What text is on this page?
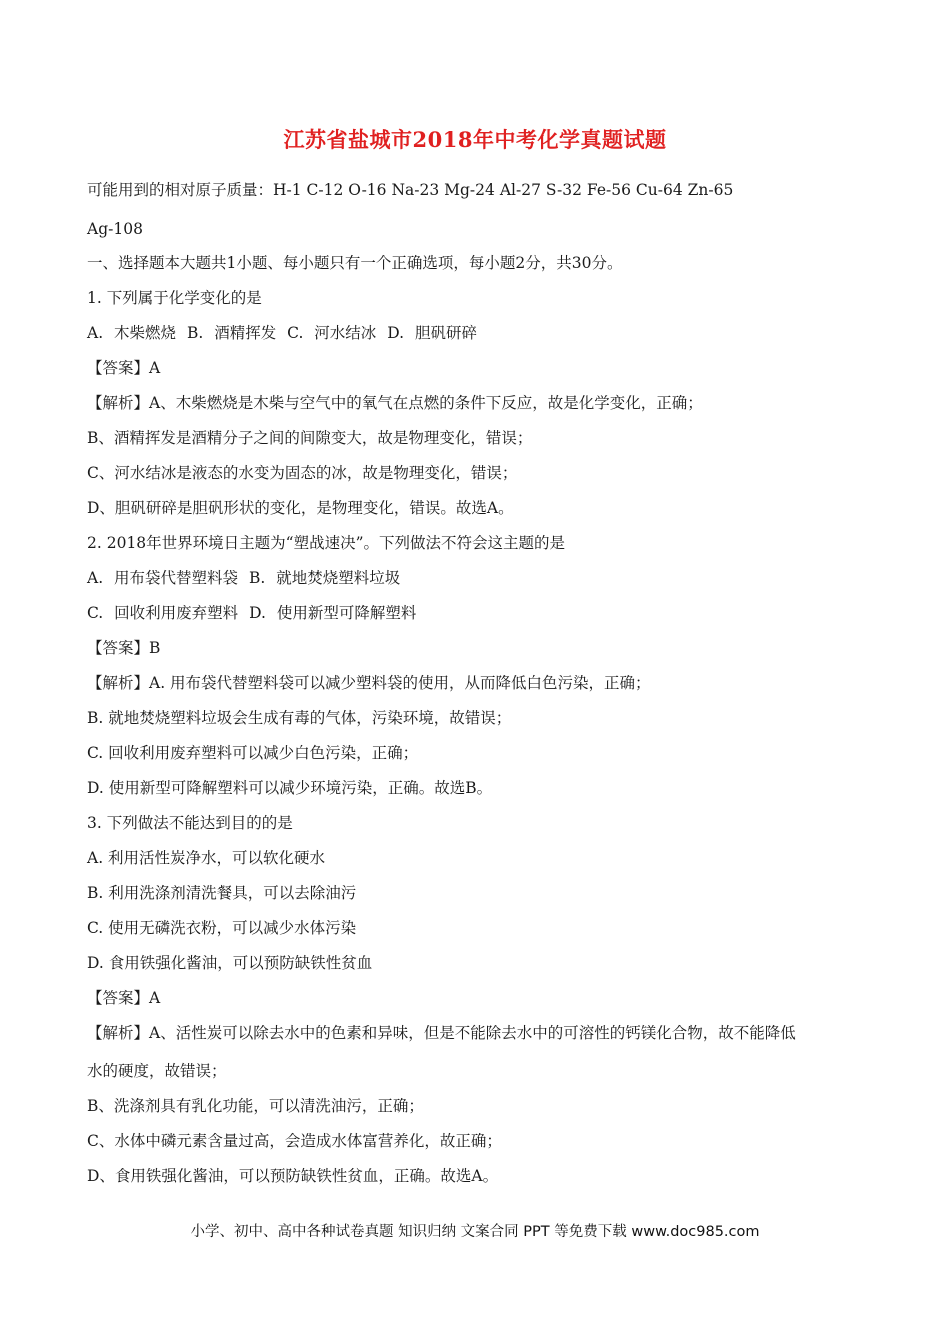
江苏省盐城市2018年中考化学真题试题
可能用到的相对原子质量：H-1 C-12 O-16 Na-23 Mg-24 Al-27 S-32 Fe-56 Cu-64 Zn-65
Ag-108
一、选择题本大题共1小题、每小题只有一个正确选项，每小题2分，共30分。
1. 下列属于化学变化的是
A. 木柴燃烧 B. 酒精挥发 C. 河水结冰 D. 胆矾研碎
【答案】A
【解析】A、木柴燃烧是木柴与空气中的氧气在点燃的条件下反应，故是化学变化，正确；
B、酒精挥发是酒精分子之间的间隙变大，故是物理变化，错误；
C、河水结冰是液态的水变为固态的冰，故是物理变化，错误；
D、胆矾研碎是胆矾形状的变化，是物理变化，错误。故选A。
2. 2018年世界环境日主题为“塑战速决”。下列做法不符会这主题的是
A. 用布袋代替塑料袋 B. 就地焚烧塑料垃圾
C. 回收利用废弃塑料 D. 使用新型可降解塑料
【答案】B
【解析】A. 用布袋代替塑料袋可以减少塑料袋的使用，从而降低白色污染，正确；
B. 就地焚烧塑料垃圾会生成有毒的气体，污染环境，故错误；
C. 回收利用废弃塑料可以减少白色污染，正确；
D. 使用新型可降解塑料可以减少环境污染，正确。故选B。
3. 下列做法不能达到目的的是
A. 利用活性炭净水，可以软化硬水
B. 利用洗涤剂清洗餐具，可以去除油污
C. 使用无磷洗衣粉，可以减少水体污染
D. 食用铁强化酱油，可以预防缺铁性贫血
【答案】A
【解析】A、活性炭可以除去水中的色素和异味，但是不能除去水中的可溶性的钙镁化合物，故不能降低
水的硬度，故错误；
B、洗涤剂具有乳化功能，可以清洗油污，正确；
C、水体中磷元素含量过高，会造成水体富营养化，故正确；
D、食用铁强化酱油，可以预防缺铁性贫血，正确。故选A。
小学、初中、高中各种试卷真题 知识归纳 文案合同 PPT 等免费下载 www.doc985.com
